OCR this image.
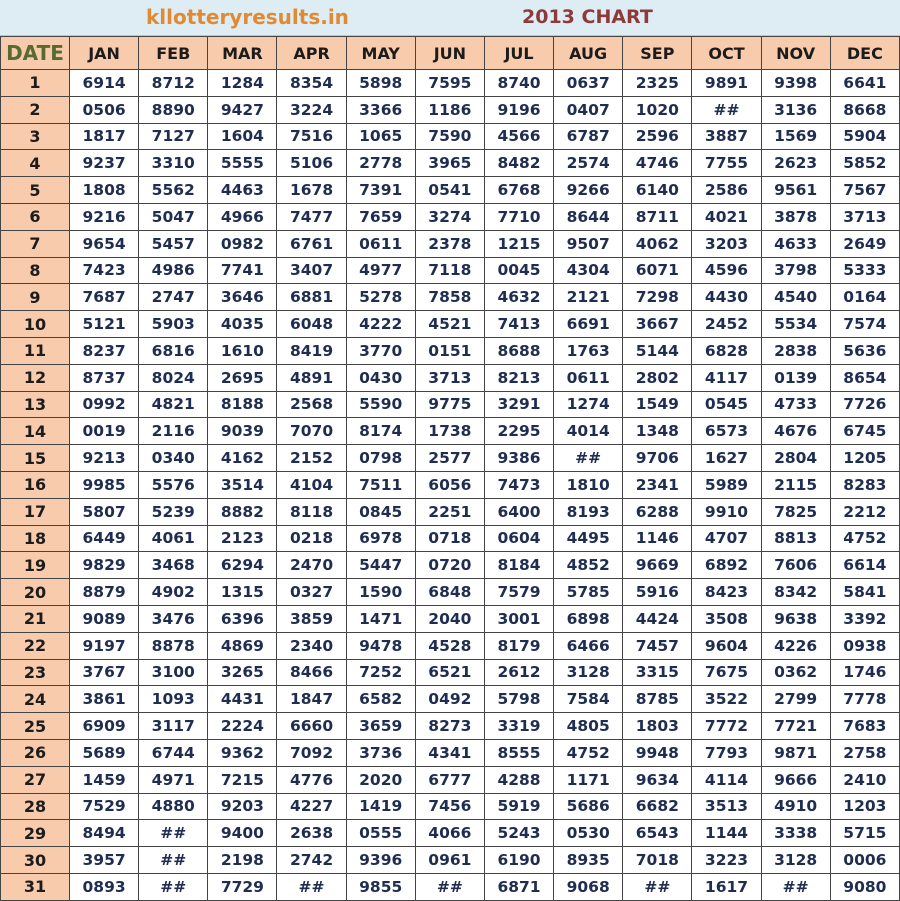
kllotteryresults.in	2013 CHART
DATE	JAN	FEB	MAR	APR	MAY	JUN	JUL	AUG	SEP	OCT	NOV	DEC
1	6914	8712	1284	8354	5898	7595	8740	0637	2325	9891	9398	6641
2	0506	8890	9427	3224	3366	1186	9196	0407	1020	##	3136	8668
3	1817	7127	1604	7516	1065	7590	4566	6787	2596	3887	1569	5904
4	9237	3310	5555	5106	2778	3965	8482	2574	4746	7755	2623	5852
5	1808	5562	4463	1678	7391	0541	6768	9266	6140	2586	9561	7567
6	9216	5047	4966	7477	7659	3274	7710	8644	8711	4021	3878	3713
7	9654	5457	0982	6761	0611	2378	1215	9507	4062	3203	4633	2649
8	7423	4986	7741	3407	4977	7118	0045	4304	6071	4596	3798	5333
9	7687	2747	3646	6881	5278	7858	4632	2121	7298	4430	4540	0164
10	5121	5903	4035	6048	4222	4521	7413	6691	3667	2452	5534	7574
11	8237	6816	1610	8419	3770	0151	8688	1763	5144	6828	2838	5636
12	8737	8024	2695	4891	0430	3713	8213	0611	2802	4117	0139	8654
13	0992	4821	8188	2568	5590	9775	3291	1274	1549	0545	4733	7726
14	0019	2116	9039	7070	8174	1738	2295	4014	1348	6573	4676	6745
15	9213	0340	4162	2152	0798	2577	9386	##	9706	1627	2804	1205
16	9985	5576	3514	4104	7511	6056	7473	1810	2341	5989	2115	8283
17	5807	5239	8882	8118	0845	2251	6400	8193	6288	9910	7825	2212
18	6449	4061	2123	0218	6978	0718	0604	4495	1146	4707	8813	4752
19	9829	3468	6294	2470	5447	0720	8184	4852	9669	6892	7606	6614
20	8879	4902	1315	0327	1590	6848	7579	5785	5916	8423	8342	5841
21	9089	3476	6396	3859	1471	2040	3001	6898	4424	3508	9638	3392
22	9197	8878	4869	2340	9478	4528	8179	6466	7457	9604	4226	0938
23	3767	3100	3265	8466	7252	6521	2612	3128	3315	7675	0362	1746
24	3861	1093	4431	1847	6582	0492	5798	7584	8785	3522	2799	7778
25	6909	3117	2224	6660	3659	8273	3319	4805	1803	7772	7721	7683
26	5689	6744	9362	7092	3736	4341	8555	4752	9948	7793	9871	2758
27	1459	4971	7215	4776	2020	6777	4288	1171	9634	4114	9666	2410
28	7529	4880	9203	4227	1419	7456	5919	5686	6682	3513	4910	1203
29	8494	##	9400	2638	0555	4066	5243	0530	6543	1144	3338	5715
30	3957	##	2198	2742	9396	0961	6190	8935	7018	3223	3128	0006
31	0893	##	7729	##	9855	##	6871	9068	##	1617	##	9080
